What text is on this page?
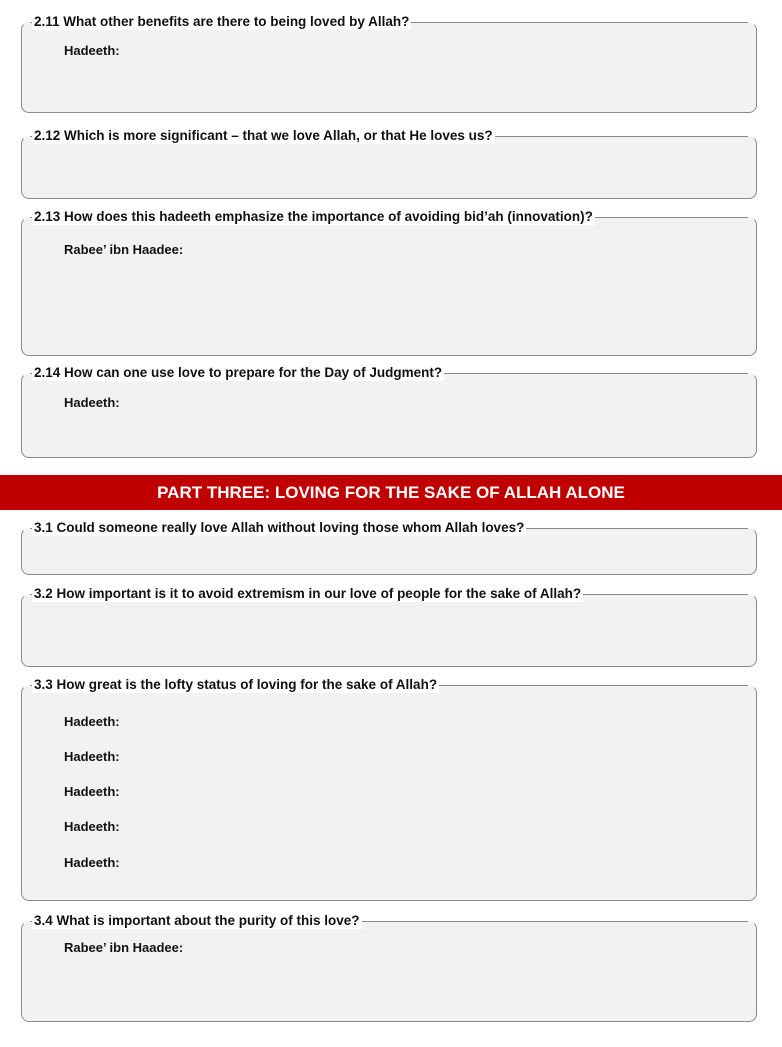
2.11 What other benefits are there to being loved by Allah?
Hadeeth:
2.12 Which is more significant – that we love Allah, or that He loves us?
2.13 How does this hadeeth emphasize the importance of avoiding bid’ah (innovation)?
Rabee’ ibn Haadee:
2.14 How can one use love to prepare for the Day of Judgment?
Hadeeth:
PART THREE: LOVING FOR THE SAKE OF ALLAH ALONE
3.1 Could someone really love Allah without loving those whom Allah loves?
3.2 How important is it to avoid extremism in our love of people for the sake of Allah?
3.3 How great is the lofty status of loving for the sake of Allah?
Hadeeth:
Hadeeth:
Hadeeth:
Hadeeth:
Hadeeth:
3.4 What is important about the purity of this love?
Rabee’ ibn Haadee:
